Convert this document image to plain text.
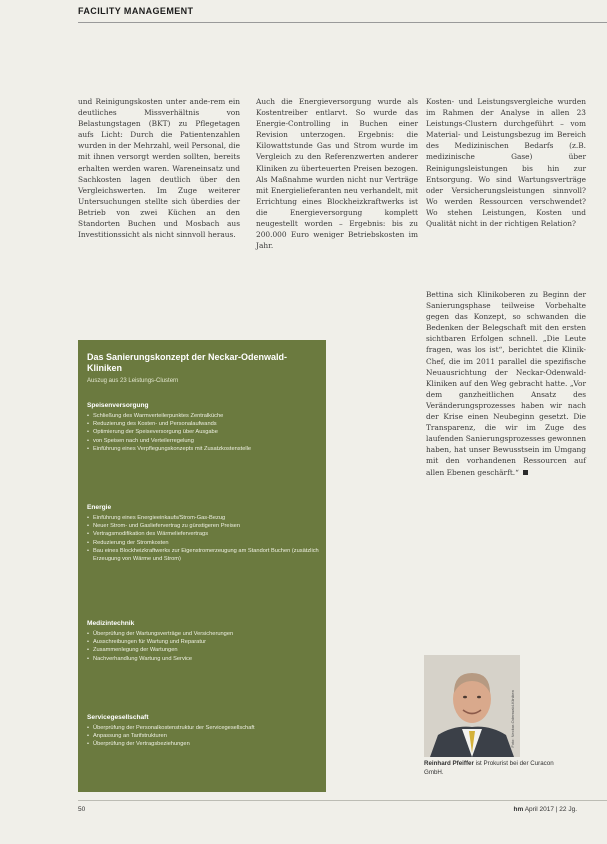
FACILITY MANAGEMENT

und Reinigungskosten unter ande-rem ein deutliches Missverhältnis von Belastungstagen (BKT) zu Pflegetagen aufs Licht: Durch die Patientenzahlen wurden in der Mehrzahl, weil Personal, die mit ihnen versorgt werden sollten, bereits erhalten werden waren. Wareneinsatz und Sachkosten lagen deutlich über den Vergleichswerten. Im Zuge weiterer Untersuchungen stellte sich überdies der Betrieb von zwei Küchen an den Standorten Buchen und Mosbach aus Investitionssicht als nicht sinnvoll heraus.

Auch die Energieversorgung wurde als Kostentreiber entlarvt. So wurde das Energie-Controlling in Buchen einer Revision unterzogen. Ergebnis: die Kilowattstunde Gas und Strom wurde im Vergleich zu den Referenzwerten anderer Kliniken zu überteuerten Preisen bezogen. Als Maßnahme wurden nicht nur Verträge mit Energielieferanten neu verhandelt, mit Errichtung eines Blockheizkraftwerks ist die Energieversorgung komplett neugestellt worden – Ergebnis: bis zu 200.000 Euro weniger Betriebskosten im Jahr.

Kosten- und Leistungsvergleiche wurden im Rahmen der Analyse in allen 23 Leistungs-Clustern durchgeführt – vom Material- und Leistungsbezug im Bereich des Medizinischen Bedarfs (z.B. medizinische Gase) über Reinigungsleistungen bis hin zur Entsorgung. Wo sind Wartungsverträge oder Versicherungsleistungen sinnvoll? Wo werden Ressourcen verschwendet? Wo stehen Leistungen, Kosten und Qualität nicht in der richtigen Relation?

Bettina sich Klinikoberen zu Beginn der Sanierungsphase teilweise Vorbehalte gegen das Konzept, so schwanden die Bedenken der Belegschaft mit den ersten sichtbaren Erfolgen schnell. „Die Leute fragen, was los ist“, berichtet die Klinik-Chef, die im 2011 parallel die spezifische Neuausrichtung der Neckar-Odenwald-Kliniken auf den Weg gebracht hatte. „Vor dem ganzheitlichen Ansatz des Veränderungsprozesses haben wir nach der Krise einen Neubeginn gesetzt. Die Transparenz, die wir im Zuge des laufenden Sanierungsprozesses gewonnen haben, hat unser Bewusstsein im Umgang mit den vorhandenen Ressourcen auf allen Ebenen geschärft.“

Das Sanierungskonzept der Neckar-Odenwald-Kliniken
Auszug aus 23 Leistungs-Clustern
Speisenversorgung
• Schließung des Warmverteilerpunktes Zentralküche
• Reduzierung des Kosten- und Personalaufwands
• Optimierung der Speiseversorgung über Ausgabe
• von Speisen nach und Verteilerregelung
• Einführung eines Verpflegungskonzepts mit Zusatzkostenstelle
Energie
• Einführung eines Energieeinkaufs/Strom-Gas-Bezug
• Neuer Strom- und Gasliefervertrag zu günstigeren Preisen
• Vertragsmodifikation des Wärmeliefervertrags
• Reduzierung der Stromkosten
• Bau eines Blockheizkraftwerks zur Eigenstromerzeugung am Standort Buchen (zusätzlich Erzeugung von Wärme und Strom)
Medizintechnik
• Überprüfung der Wartungsverträge und Versicherungen
• Ausschreibungen für Wartung und Reparatur
• Zusammenlegung der Wartungen
• Nachverhandlung Wartung und Service
Servicegesellschaft
• Überprüfung der Personalkostenstruktur der Servicegesellschaft
• Anpassung an Tarifstrukturen
• Überprüfung der Vertragsbeziehungen	Foto: Neckar-Odenwald-Kliniken
Reinhard Pfeiffer ist Prokurist bei der Curacon GmbH.
50	hm April 2017 | 22 Jg.
